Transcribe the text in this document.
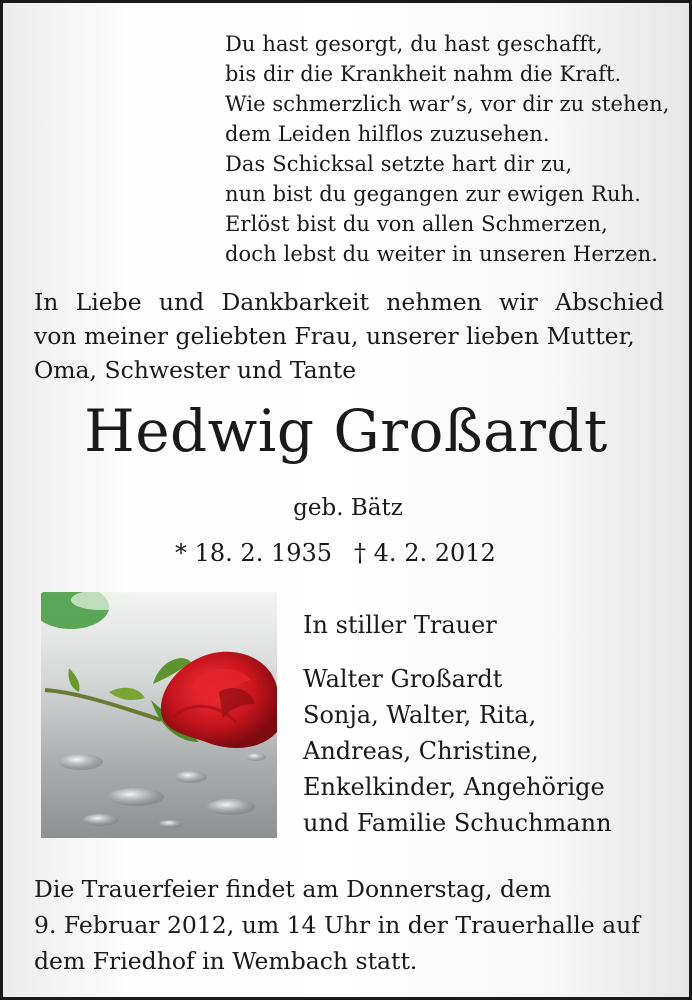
Du hast gesorgt, du hast geschafft,
bis dir die Krankheit nahm die Kraft.
Wie schmerzlich war’s, vor dir zu stehen,
dem Leiden hilflos zuzusehen.
Das Schicksal setzte hart dir zu,
nun bist du gegangen zur ewigen Ruh.
Erlöst bist du von allen Schmerzen,
doch lebst du weiter in unseren Herzen.
In Liebe und Dankbarkeit nehmen wir Abschied
von meiner geliebten Frau, unserer lieben Mutter,
Oma, Schwester und Tante
Hedwig Großardt
geb. Bätz
* 18. 2. 1935 † 4. 2. 2012
In stiller Trauer
Walter Großardt
Sonja, Walter, Rita,
Andreas, Christine,
Enkelkinder, Angehörige
und Familie Schuchmann
Die Trauerfeier findet am Donnerstag, dem
9. Februar 2012, um 14 Uhr in der Trauerhalle auf
dem Friedhof in Wembach statt.
